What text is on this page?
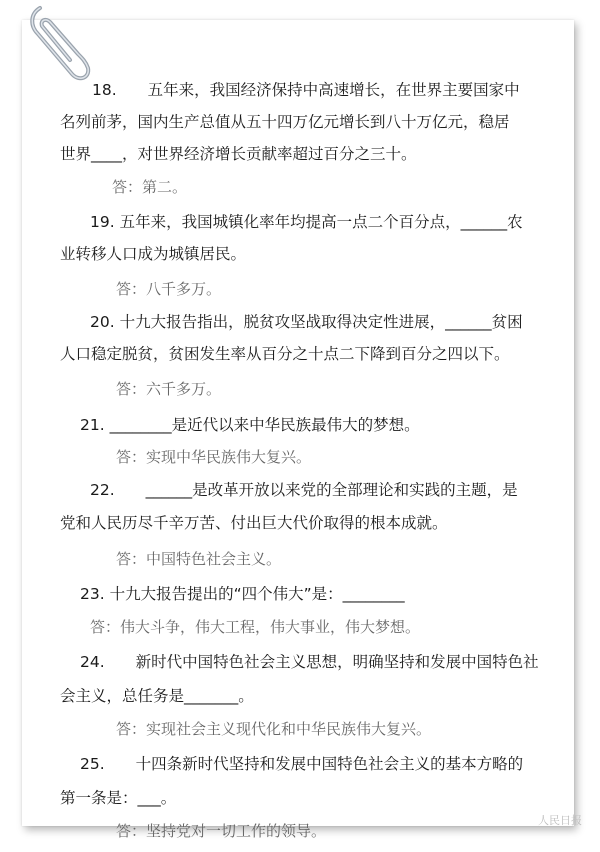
18.　　五年来，我国经济保持中高速增长，在世界主要国家中
名列前茅，国内生产总值从五十四万亿元增长到八十万亿元，稳居
世界____，对世界经济增长贡献率超过百分之三十。
答：第二。
19. 五年来，我国城镇化率年均提高一点二个百分点，______农
业转移人口成为城镇居民。
答：八千多万。
20. 十九大报告指出，脱贫攻坚战取得决定性进展，______贫困
人口稳定脱贫，贫困发生率从百分之十点二下降到百分之四以下。
答：六千多万。
21. ________是近代以来中华民族最伟大的梦想。
答：实现中华民族伟大复兴。
22.　　______是改革开放以来党的全部理论和实践的主题，是
党和人民历尽千辛万苦、付出巨大代价取得的根本成就。
答：中国特色社会主义。
23. 十九大报告提出的“四个伟大”是：________
答：伟大斗争，伟大工程，伟大事业，伟大梦想。
24.　　新时代中国特色社会主义思想，明确坚持和发展中国特色社
会主义，总任务是_______。
答：实现社会主义现代化和中华民族伟大复兴。
25.　　十四条新时代坚持和发展中国特色社会主义的基本方略的
第一条是：___。
答：坚持党对一切工作的领导。
人民日报
